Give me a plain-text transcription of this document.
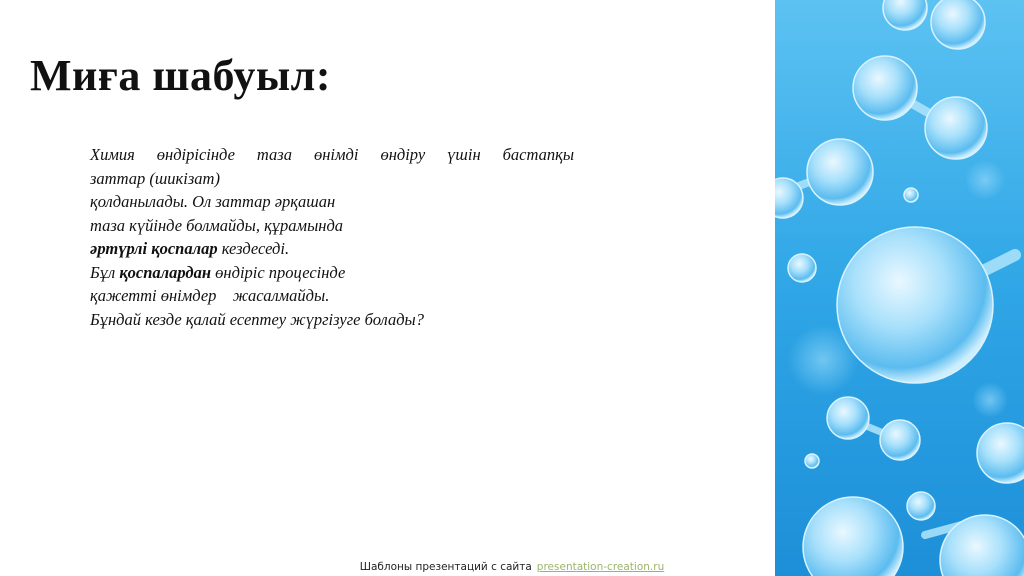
Миға шабуыл:
Химия өндірісінде таза өнімді өндіру үшін бастапқы
заттар (шикізат)
қолданылады. Ол заттар әрқашан
таза күйінде болмайды, құрамында
әртүрлі қоспалар кездеседі.
Бұл қоспалардан өндіріс процесінде
қажетті өнімдер    жасалмайды.
Бұндай кезде қалай есептеу жүргізуге болады?
Шаблоны презентаций с сайта presentation-creation.ru
